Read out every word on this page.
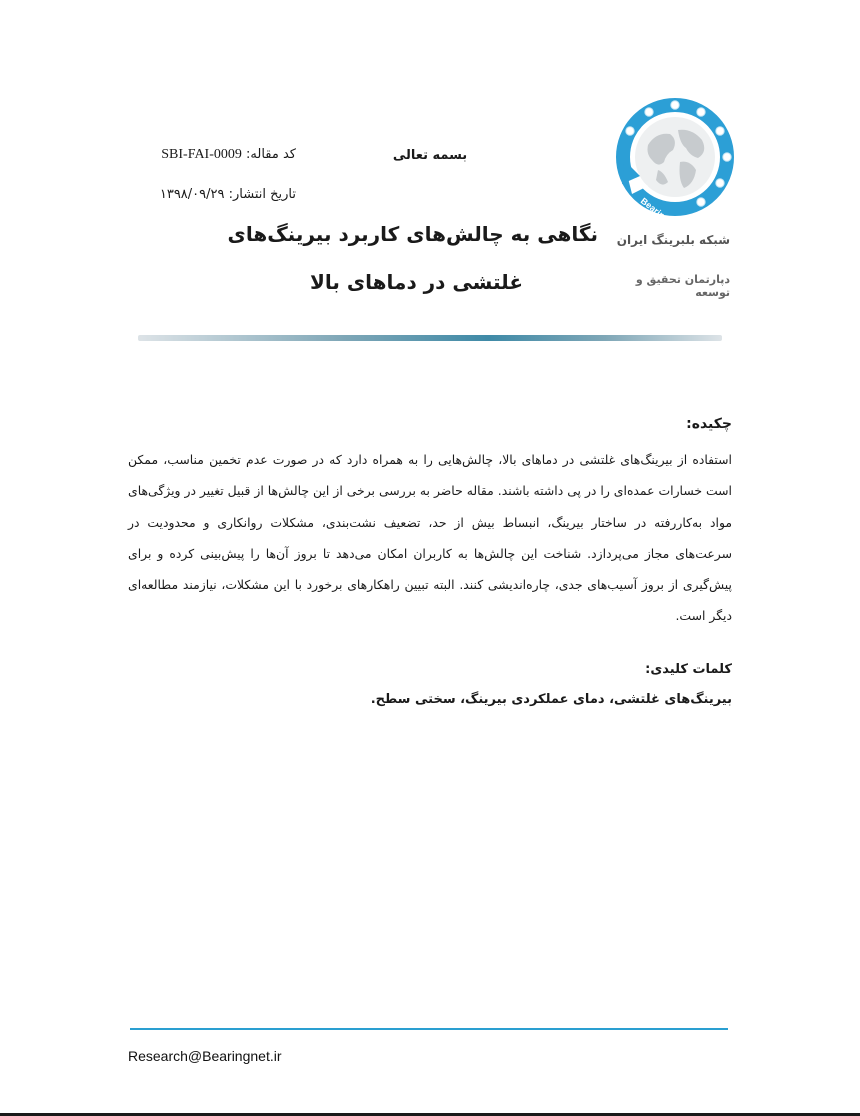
Bearingnet.ir
شبکه بلبرینگ ایران
دپارتمان تحقیق و توسعه
بسمه تعالی
کد مقاله: SBI-FAI-0009
تاریخ انتشار: ۱۳۹۸/۰۹/۲۹
نگاهی به چالش‌های کاربرد بیرینگ‌های
غلتشی در دماهای بالا
چکیده:
استفاده از بیرینگ‌های غلتشی در دماهای بالا، چالش‌هایی را به همراه دارد که در صورت عدم تخمین مناسب، ممکن است خسارات عمده‌ای را در پی داشته باشند. مقاله حاضر به بررسی برخی از این چالش‌ها از قبیل تغییر در ویژگی‌های مواد به‌کاررفته در ساختار بیرینگ، انبساط بیش از حد، تضعیف نشت‌بندی، مشکلات روانکاری و محدودیت در سرعت‌های مجاز می‌پردازد. شناخت این چالش‌ها به کاربران امکان می‌دهد تا بروز آن‌ها را پیش‌بینی کرده و برای پیش‌گیری از بروز آسیب‌های جدی، چاره‌اندیشی کنند. البته تبیین راهکارهای برخورد با این مشکلات، نیازمند مطالعه‌ای دیگر است.
کلمات کلیدی:
بیرینگ‌های غلتشی، دمای عملکردی بیرینگ، سختی سطح.
Research@Bearingnet.ir
